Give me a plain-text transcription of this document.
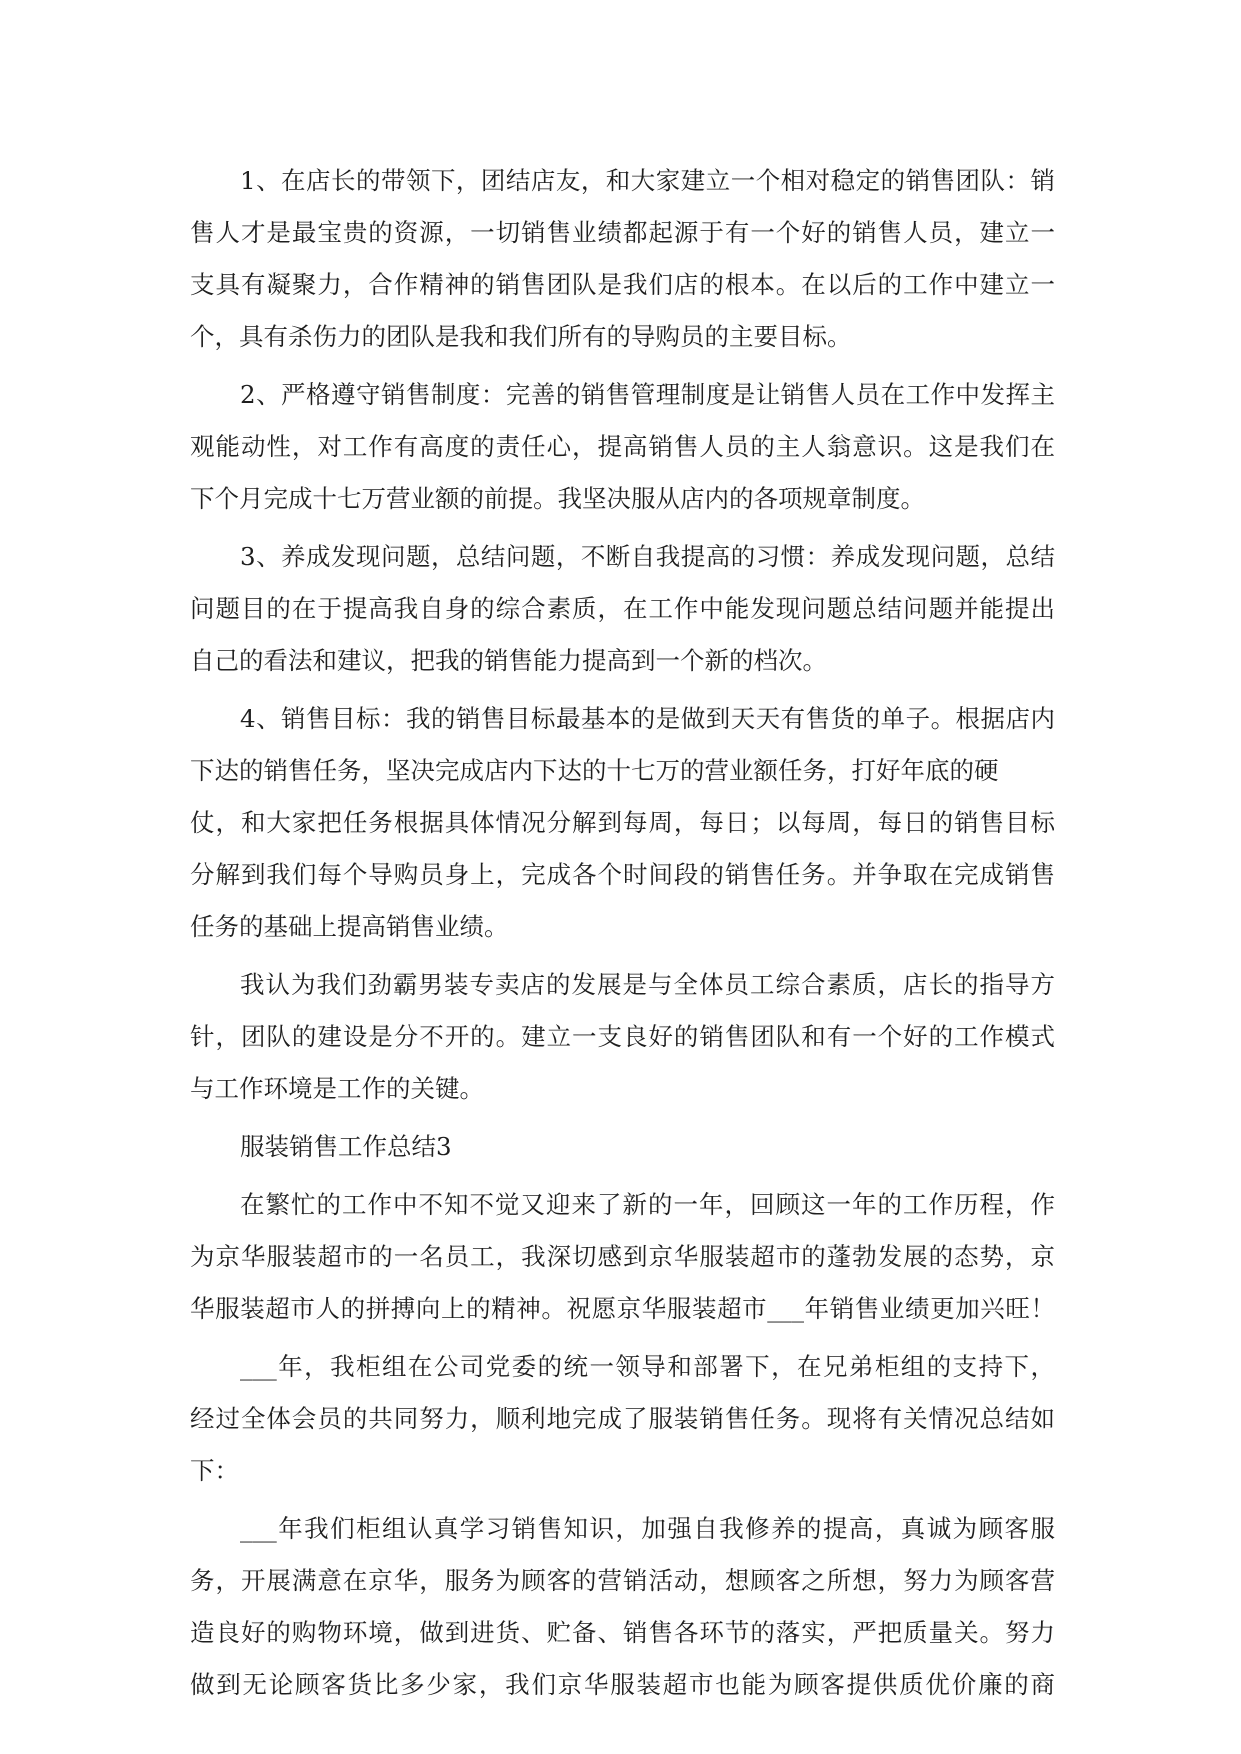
1、在店长的带领下，团结店友，和大家建立一个相对稳定的销售团队：销
售人才是最宝贵的资源，一切销售业绩都起源于有一个好的销售人员，建立一
支具有凝聚力，合作精神的销售团队是我们店的根本。在以后的工作中建立一
个，具有杀伤力的团队是我和我们所有的导购员的主要目标。
2、严格遵守销售制度：完善的销售管理制度是让销售人员在工作中发挥主
观能动性，对工作有高度的责任心，提高销售人员的主人翁意识。这是我们在
下个月完成十七万营业额的前提。我坚决服从店内的各项规章制度。
3、养成发现问题，总结问题，不断自我提高的习惯：养成发现问题，总结
问题目的在于提高我自身的综合素质，在工作中能发现问题总结问题并能提出
自己的看法和建议，把我的销售能力提高到一个新的档次。
4、销售目标：我的销售目标最基本的是做到天天有售货的单子。根据店内
下达的销售任务，坚决完成店内下达的十七万的营业额任务，打好年底的硬
仗，和大家把任务根据具体情况分解到每周，每日；以每周，每日的销售目标
分解到我们每个导购员身上，完成各个时间段的销售任务。并争取在完成销售
任务的基础上提高销售业绩。
我认为我们劲霸男装专卖店的发展是与全体员工综合素质，店长的指导方
针，团队的建设是分不开的。建立一支良好的销售团队和有一个好的工作模式
与工作环境是工作的关键。
服装销售工作总结3
在繁忙的工作中不知不觉又迎来了新的一年，回顾这一年的工作历程，作
为京华服装超市的一名员工，我深切感到京华服装超市的蓬勃发展的态势，京
华服装超市人的拼搏向上的精神。祝愿京华服装超市___年销售业绩更加兴旺！
___年，我柜组在公司党委的统一领导和部署下，在兄弟柜组的支持下，
经过全体会员的共同努力，顺利地完成了服装销售任务。现将有关情况总结如
下：
___年我们柜组认真学习销售知识，加强自我修养的提高，真诚为顾客服
务，开展满意在京华，服务为顾客的营销活动，想顾客之所想，努力为顾客营
造良好的购物环境，做到进货、贮备、销售各环节的落实，严把质量关。努力
做到无论顾客货比多少家，我们京华服装超市也能为顾客提供质优价廉的商
